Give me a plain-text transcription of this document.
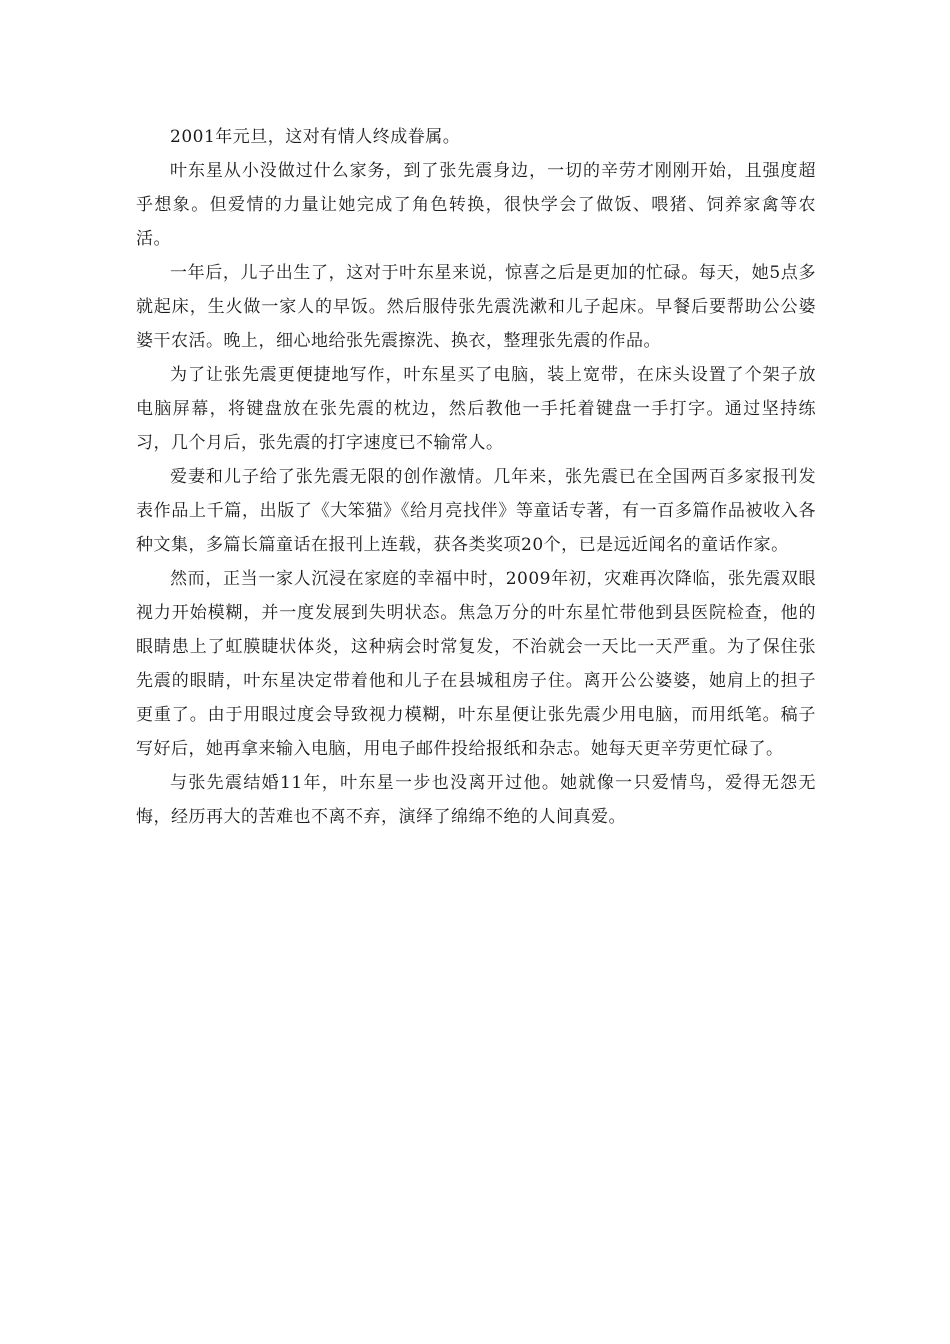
2001年元旦，这对有情人终成眷属。

叶东星从小没做过什么家务，到了张先震身边，一切的辛劳才刚刚开始，且强度超乎想象。但爱情的力量让她完成了角色转换，很快学会了做饭、喂猪、饲养家禽等农活。

一年后，儿子出生了，这对于叶东星来说，惊喜之后是更加的忙碌。每天，她5点多就起床，生火做一家人的早饭。然后服侍张先震洗漱和儿子起床。早餐后要帮助公公婆婆干农活。晚上，细心地给张先震擦洗、换衣，整理张先震的作品。

为了让张先震更便捷地写作，叶东星买了电脑，装上宽带，在床头设置了个架子放电脑屏幕，将键盘放在张先震的枕边，然后教他一手托着键盘一手打字。通过坚持练习，几个月后，张先震的打字速度已不输常人。

爱妻和儿子给了张先震无限的创作激情。几年来，张先震已在全国两百多家报刊发表作品上千篇，出版了《大笨猫》《给月亮找伴》等童话专著，有一百多篇作品被收入各种文集，多篇长篇童话在报刊上连载，获各类奖项20个，已是远近闻名的童话作家。

然而，正当一家人沉浸在家庭的幸福中时，2009年初，灾难再次降临，张先震双眼视力开始模糊，并一度发展到失明状态。焦急万分的叶东星忙带他到县医院检查，他的眼睛患上了虹膜睫状体炎，这种病会时常复发，不治就会一天比一天严重。为了保住张先震的眼睛，叶东星决定带着他和儿子在县城租房子住。离开公公婆婆，她肩上的担子更重了。由于用眼过度会导致视力模糊，叶东星便让张先震少用电脑，而用纸笔。稿子写好后，她再拿来输入电脑，用电子邮件投给报纸和杂志。她每天更辛劳更忙碌了。

与张先震结婚11年，叶东星一步也没离开过他。她就像一只爱情鸟，爱得无怨无悔，经历再大的苦难也不离不弃，演绎了绵绵不绝的人间真爱。
